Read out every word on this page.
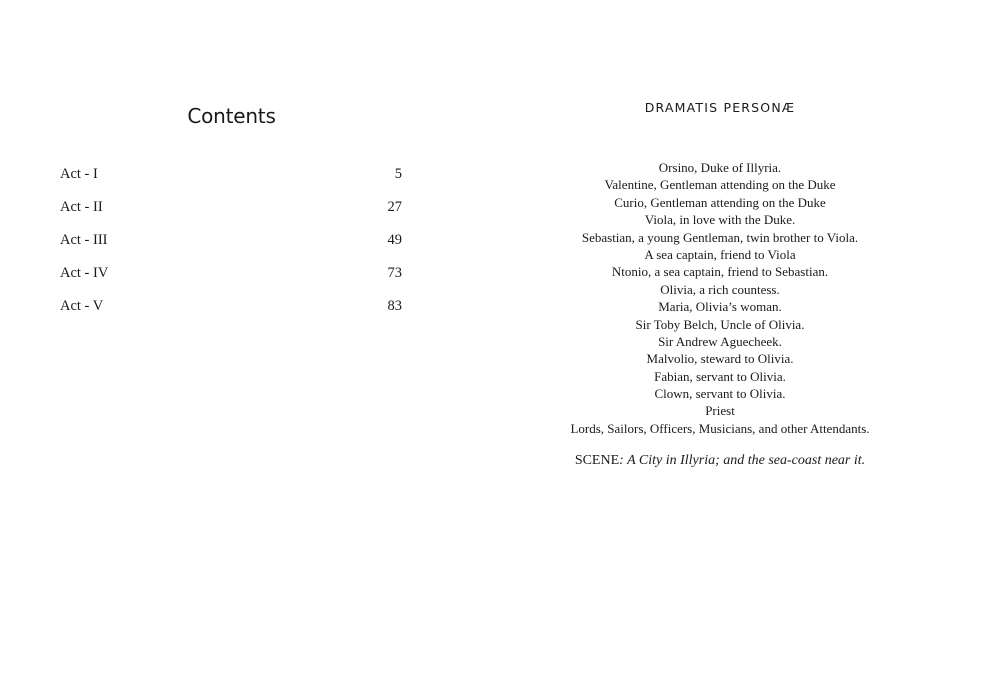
Contents
Act - I	5
Act - II	27
Act - III	49
Act - IV	73
Act - V	83
DRAMATIS PERSONÆ
Orsino, Duke of Illyria.
Valentine, Gentleman attending on the Duke
Curio, Gentleman attending on the Duke
Viola, in love with the Duke.
Sebastian, a young Gentleman, twin brother to Viola.
A sea captain, friend to Viola
Ntonio, a sea captain, friend to Sebastian.
Olivia, a rich countess.
Maria, Olivia’s woman.
Sir Toby Belch, Uncle of Olivia.
Sir Andrew Aguecheek.
Malvolio, steward to Olivia.
Fabian, servant to Olivia.
Clown, servant to Olivia.
Priest
Lords, Sailors, Officers, Musicians, and other Attendants.

SCENE: A City in Illyria; and the sea-coast near it.
